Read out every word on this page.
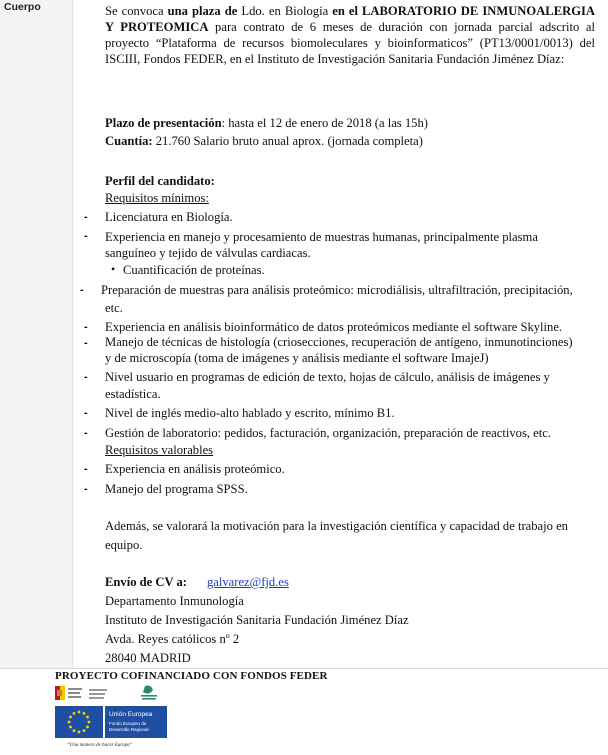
Cuerpo	Se convoca una plaza de Ldo. en Biología en el LABORATORIO DE INMUNOALERGIA Y PROTEOMICA para contrato de 6 meses de duración con jornada parcial adscrito al proyecto “Plataforma de recursos biomoleculares y bioinformaticos” (PT13/0001/0013) del ISCIII, Fondos FEDER, en el Instituto de Investigación Sanitaria Fundación Jiménez Díaz:

Plazo de presentación: hasta el 12 de enero de 2018 (a las 15h)
Cuantía: 21.760 Salario bruto anual aprox. (jornada completa)
Perfil del candidato:
Requisitos mínimos:
Licenciatura en Biología.
Experiencia en manejo y procesamiento de muestras humanas, principalmente plasma
sanguíneo y tejido de válvulas cardiacas.
Cuantificación de proteínas.
Preparación de muestras para análisis proteómico: microdiálisis, ultrafiltración, precipitación,
etc.
Experiencia en análisis bioinformático de datos proteómicos mediante el software Skyline.
Manejo de técnicas de histología (criosecciones, recuperación de antígeno, inmunotinciones)
y de microscopía (toma de imágenes y análisis mediante el software ImajeJ)
Nivel usuario en programas de edición de texto, hojas de cálculo, análisis de imágenes y
estadística.
Nivel de inglés medio-alto hablado y escrito, mínimo B1.
Gestión de laboratorio: pedidos, facturación, organización, preparación de reactivos, etc.
Requisitos valorables
Experiencia en análisis proteómico.
Manejo del programa SPSS.
Además, se valorará la motivación para la investigación científica y capacidad de trabajo en
equipo.
Envío de CV a: galvarez@fjd.es
Departamento Inmunología
Instituto de Investigación Sanitaria Fundación Jiménez Díaz
Avda. Reyes católicos nº 2
28040 MADRID
-
-
•
-
-
-
-
-
-
-
-
PROYECTO COFINANCIADO CON FONDOS FEDER
Unión Europea
Fondo Europeo de
Desarrollo Regional
“Una manera de hacer Europa”
